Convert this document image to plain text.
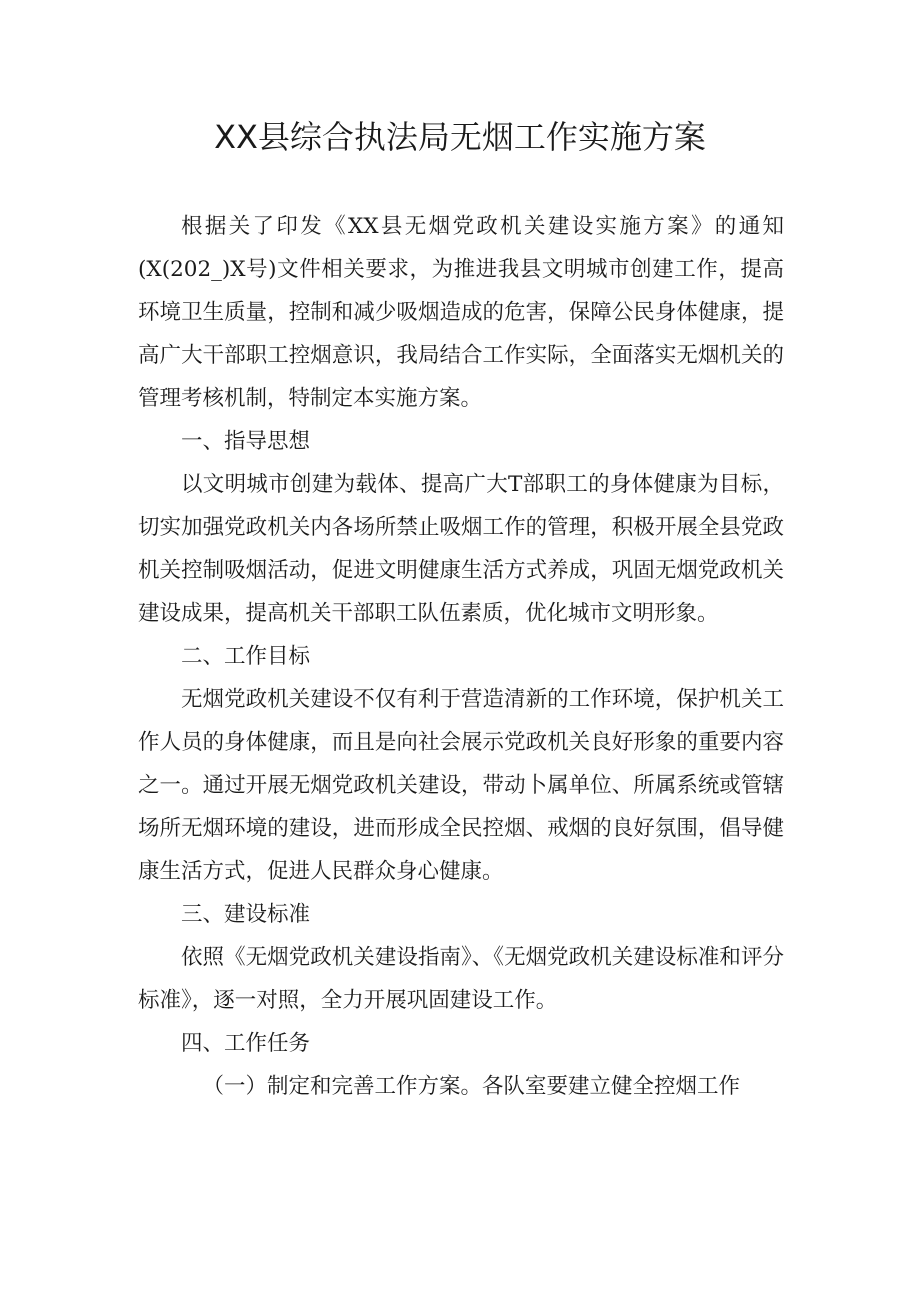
XX县综合执法局无烟工作实施方案

根据关了印发《XX县无烟党政机关建设实施方案》的通知(X(202_)X号)文件相关要求，为推进我县文明城市创建工作，提高环境卫生质量，控制和减少吸烟造成的危害，保障公民身体健康，提高广大干部职工控烟意识，我局结合工作实际，全面落实无烟机关的管理考核机制，特制定本实施方案。

一、指导思想

以文明城市创建为载体、提高广大T部职工的身体健康为目标，切实加强党政机关内各场所禁止吸烟工作的管理，积极开展全县党政机关控制吸烟活动，促进文明健康生活方式养成，巩固无烟党政机关建设成果，提高机关干部职工队伍素质，优化城市文明形象。

二、工作目标

无烟党政机关建设不仅有利于营造清新的工作环境，保护机关工作人员的身体健康，而且是向社会展示党政机关良好形象的重要内容之一。通过开展无烟党政机关建设，带动卜属单位、所属系统或管辖场所无烟环境的建设，进而形成全民控烟、戒烟的良好氛围，倡导健康生活方式，促进人民群众身心健康。

三、建设标准

依照《无烟党政机关建设指南》、《无烟党政机关建设标准和评分标准》，逐一对照，全力开展巩固建设工作。

四、工作任务

（一）制定和完善工作方案。各队室要建立健全控烟工作
